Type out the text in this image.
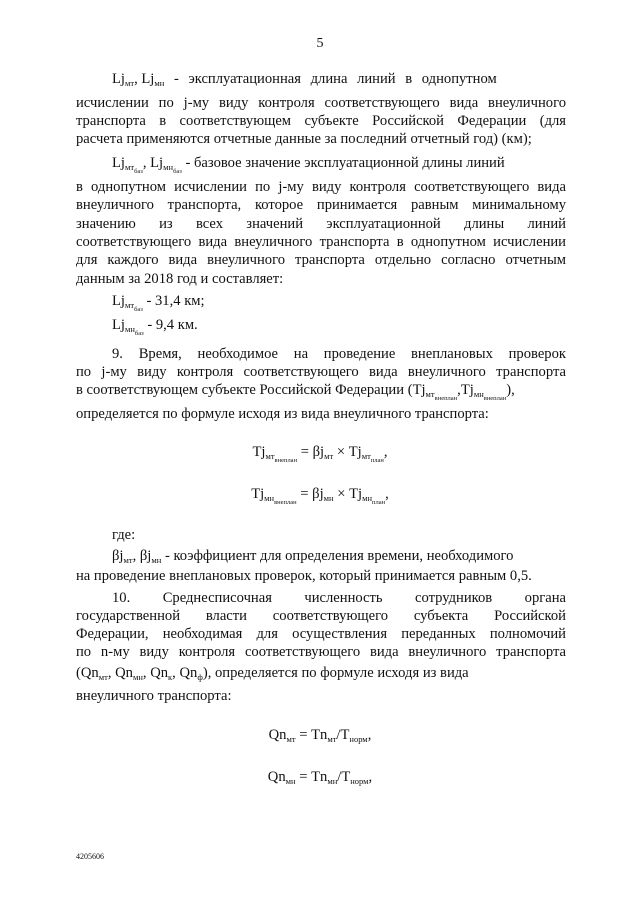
5
$Lj_{мт}$, $Lj_{мн}$ - эксплуатационная длина линий в однопутном
исчислении по j-му виду контроля соответствующего вида внеуличного
транспорта в соответствующем субъекте Российской Федерации (для
расчета применяются отчетные данные за последний отчетный год) (км);
$Lj_{мт_{баз}}$, $Lj_{мн_{баз}}$ - базовое значение эксплуатационной длины линий
в однопутном исчислении по j-му виду контроля соответствующего вида
внеуличного транспорта, которое принимается равным минимальному
значению из всех значений эксплуатационной длины линий
соответствующего вида внеуличного транспорта в однопутном исчислении
для каждого вида внеуличного транспорта отдельно согласно отчетным
данным за 2018 год и составляет:
$Lj_{мт_{баз}} - 31,4$ км;
$Lj_{мн_{баз}} - 9,4$ км.
9. Время, необходимое на проведение внеплановых проверок
по j-му виду контроля соответствующего вида внеуличного транспорта
в соответствующем субъекте Российской Федерации $(Tj_{мт_{внеплан}},Tj_{мн_{внеплан}})$,
определяется по формуле исходя из вида внеуличного транспорта:
$Tj_{мт_{внеплан}} = \beta j_{мт} \times Tj_{мт_{план}}$,
$Tj_{мн_{внеплан}} = \beta j_{мн} \times Tj_{мн_{план}}$,
где:
$\beta j_{мт}$, $\beta j_{мн}$ - коэффициент для определения времени, необходимого
на проведение внеплановых проверок, который принимается равным 0,5.
10. Среднесписочная численность сотрудников органа
государственной власти соответствующего субъекта Российской
Федерации, необходимая для осуществления переданных полномочий
по n-му виду контроля соответствующего вида внеуличного транспорта
($Qn_{мт}$, $Qn_{мн}$, $Qn_к$, $Qn_ф$), определяется по формуле исходя из вида
внеуличного транспорта:
$Qn_{мт} = Tn_{мт}/T_{норм}$,
$Qn_{мн} = Tn_{мн}/T_{норм}$,
4205606
